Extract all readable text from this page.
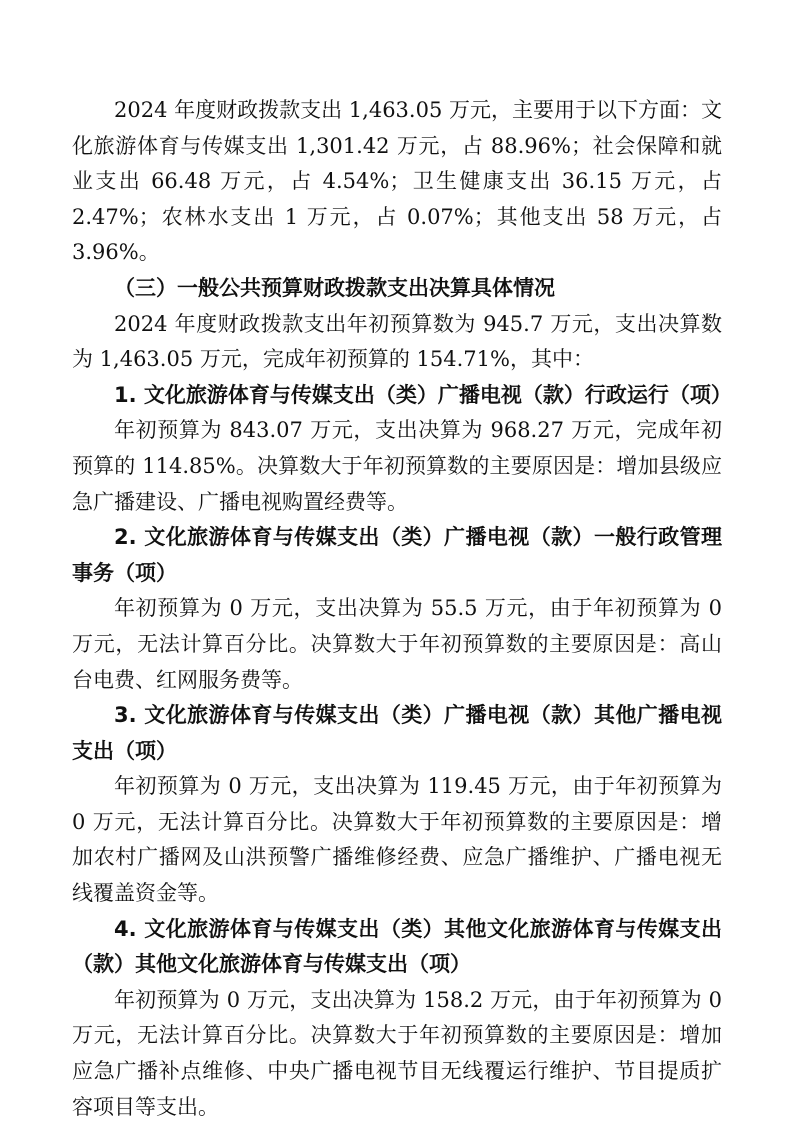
2024 年度财政拨款支出 1,463.05 万元，主要用于以下方面：文化旅游体育与传媒支出 1,301.42 万元，占 88.96%；社会保障和就业支出 66.48 万元，占 4.54%；卫生健康支出 36.15 万元，占 2.47%；农林水支出 1 万元，占 0.07%；其他支出 58 万元，占 3.96%。

（三）一般公共预算财政拨款支出决算具体情况

2024 年度财政拨款支出年初预算数为 945.7 万元，支出决算数为 1,463.05 万元，完成年初预算的 154.71%，其中：

1. 文化旅游体育与传媒支出（类）广播电视（款）行政运行（项）

年初预算为 843.07 万元，支出决算为 968.27 万元，完成年初预算的 114.85%。决算数大于年初预算数的主要原因是：增加县级应急广播建设、广播电视购置经费等。

2. 文化旅游体育与传媒支出（类）广播电视（款）一般行政管理事务（项）

年初预算为 0 万元，支出决算为 55.5 万元，由于年初预算为 0 万元，无法计算百分比。决算数大于年初预算数的主要原因是：高山台电费、红网服务费等。

3. 文化旅游体育与传媒支出（类）广播电视（款）其他广播电视支出（项）

年初预算为 0 万元，支出决算为 119.45 万元，由于年初预算为 0 万元，无法计算百分比。决算数大于年初预算数的主要原因是：增加农村广播网及山洪预警广播维修经费、应急广播维护、广播电视无线覆盖资金等。

4. 文化旅游体育与传媒支出（类）其他文化旅游体育与传媒支出（款）其他文化旅游体育与传媒支出（项）

年初预算为 0 万元，支出决算为 158.2 万元，由于年初预算为 0 万元，无法计算百分比。决算数大于年初预算数的主要原因是：增加应急广播补点维修、中央广播电视节目无线覆运行维护、节目提质扩容项目等支出。
